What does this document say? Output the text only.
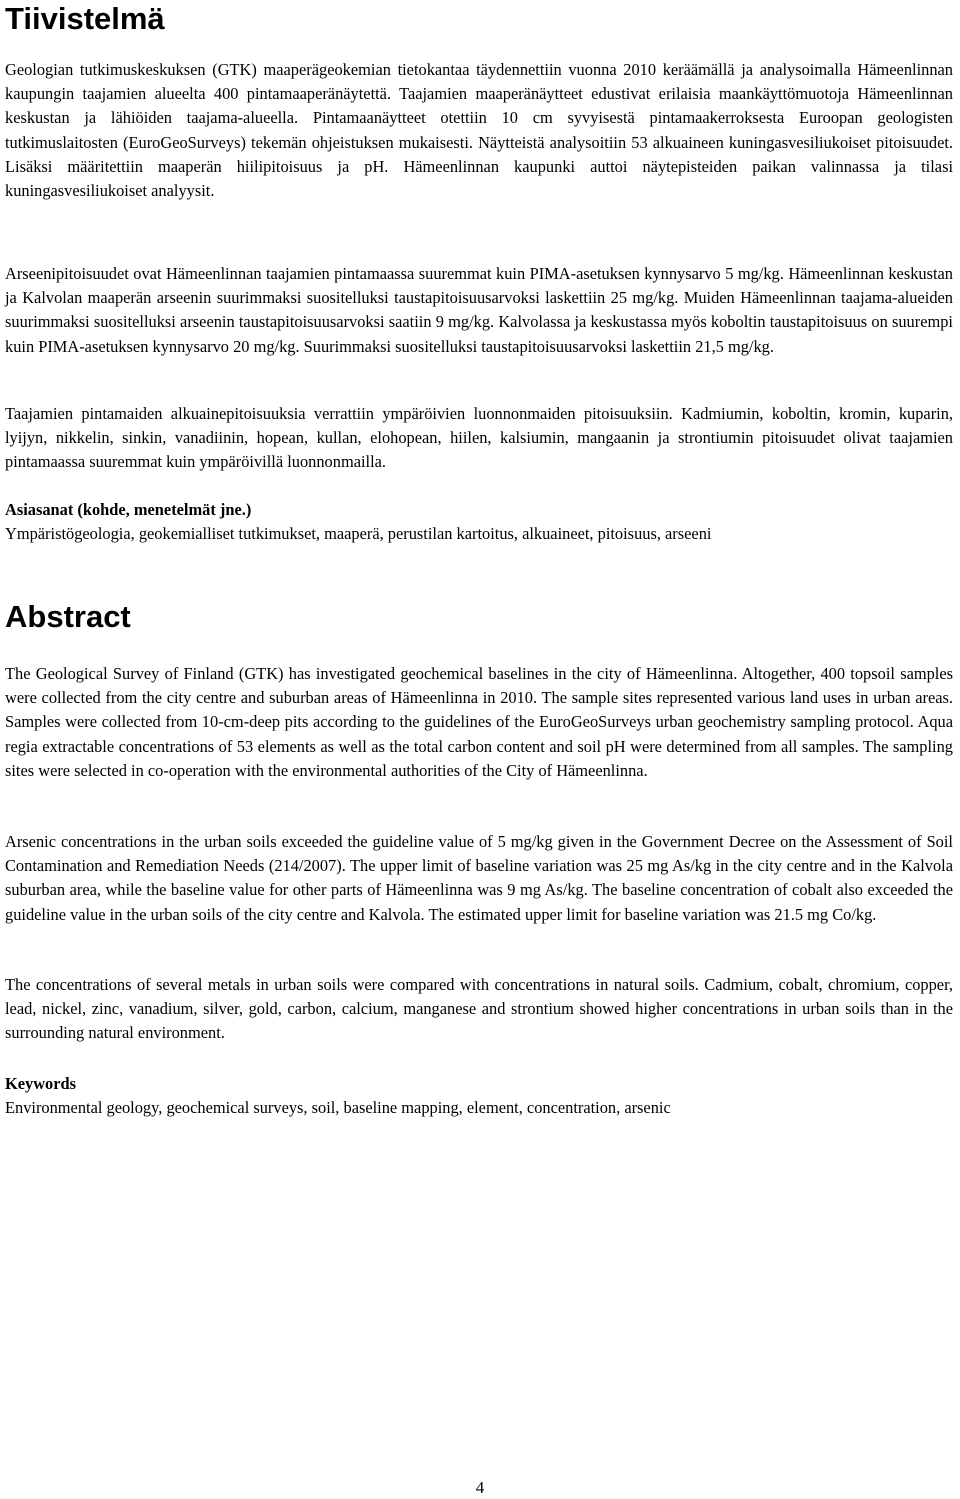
Tiivistelmä

Geologian tutkimuskeskuksen (GTK) maaperägeokemian tietokantaa täydennettiin vuonna 2010 keräämällä ja analysoimalla Hämeenlinnan kaupungin taajamien alueelta 400 pintamaaperänäytettä. Taajamien maaperänäytteet edustivat erilaisia maankäyttömuotoja Hämeenlinnan keskustan ja lähiöiden taajama-alueella. Pintamaanäytteet otettiin 10 cm syvyisestä pintamaakerroksesta Euroopan geologisten tutkimuslaitosten (EuroGeoSurveys) tekemän ohjeistuksen mukaisesti. Näytteistä analysoitiin 53 alkuaineen kuningasvesiliukoiset pitoisuudet. Lisäksi määritettiin maaperän hiilipitoisuus ja pH. Hämeenlinnan kaupunki auttoi näytepisteiden paikan valinnassa ja tilasi kuningasvesiliukoiset analyysit.

Arseenipitoisuudet ovat Hämeenlinnan taajamien pintamaassa suuremmat kuin PIMA-asetuksen kynnysarvo 5 mg/kg. Hämeenlinnan keskustan ja Kalvolan maaperän arseenin suurimmaksi suositelluksi taustapitoisuusarvoksi laskettiin 25 mg/kg. Muiden Hämeenlinnan taajama-alueiden suurimmaksi suositelluksi arseenin taustapitoisuusarvoksi saatiin 9 mg/kg. Kalvolassa ja keskustassa myös koboltin taustapitoisuus on suurempi kuin PIMA-asetuksen kynnysarvo 20 mg/kg. Suurimmaksi suositelluksi taustapitoisuusarvoksi laskettiin 21,5 mg/kg.

Taajamien pintamaiden alkuainepitoisuuksia verrattiin ympäröivien luonnonmaiden pitoisuuksiin. Kadmiumin, koboltin, kromin, kuparin, lyijyn, nikkelin, sinkin, vanadiinin, hopean, kullan, elohopean, hiilen, kalsiumin, mangaanin ja strontiumin pitoisuudet olivat taajamien pintamaassa suuremmat kuin ympäröivillä luonnonmailla.

Asiasanat (kohde, menetelmät jne.)
Ympäristögeologia, geokemialliset tutkimukset, maaperä, perustilan kartoitus, alkuaineet, pitoisuus, arseeni

Abstract

The Geological Survey of Finland (GTK) has investigated geochemical baselines in the city of Hämeenlinna. Altogether, 400 topsoil samples were collected from the city centre and suburban areas of Hämeenlinna in 2010. The sample sites represented various land uses in urban areas. Samples were collected from 10-cm-deep pits according to the guidelines of the EuroGeoSurveys urban geochemistry sampling protocol. Aqua regia extractable concentrations of 53 elements as well as the total carbon content and soil pH were determined from all samples. The sampling sites were selected in co-operation with the environmental authorities of the City of Hämeenlinna.

Arsenic concentrations in the urban soils exceeded the guideline value of 5 mg/kg given in the Government Decree on the Assessment of Soil Contamination and Remediation Needs (214/2007). The upper limit of baseline variation was 25 mg As/kg in the city centre and in the Kalvola suburban area, while the baseline value for other parts of Hämeenlinna was 9 mg As/kg. The baseline concentration of cobalt also exceeded the guideline value in the urban soils of the city centre and Kalvola. The estimated upper limit for baseline variation was 21.5 mg Co/kg.

The concentrations of several metals in urban soils were compared with concentrations in natural soils. Cadmium, cobalt, chromium, copper, lead, nickel, zinc, vanadium, silver, gold, carbon, calcium, manganese and strontium showed higher concentrations in urban soils than in the surrounding natural environment.

Keywords
Environmental geology, geochemical surveys, soil, baseline mapping, element, concentration, arsenic

4
